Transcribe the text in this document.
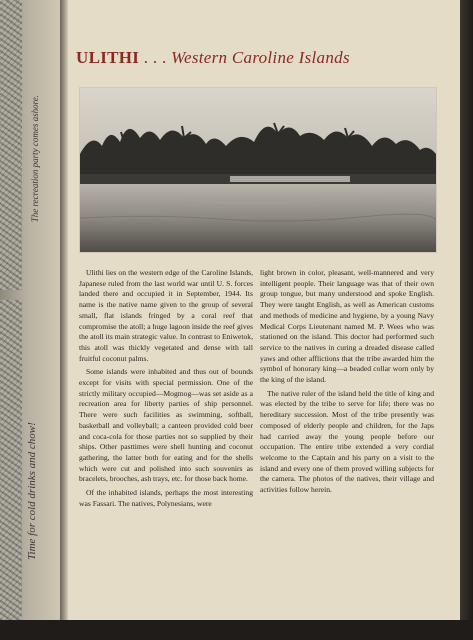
The recreation party comes ashore.
Time for cold drinks and chow!
ULITHI . . . Western Caroline Islands

Ulithi lies on the western edge of the Caroline Islands, Japanese ruled from the last world war until U. S. forces landed there and occupied it in September, 1944. Its name is the native name given to the group of several small, flat islands fringed by a coral reef that compromise the atoll; a huge lagoon inside the reef gives the atoll its main strategic value. In contrast to Eniwetok, this atoll was thickly vegetated and dense with tall fruitful coconut palms.

Some islands were inhabited and thus out of bounds except for visits with special permission. One of the strictly military occupied—Mogmog—was set aside as a recreation area for liberty parties of ship personnel. There were such facilities as swimming, softball, basketball and volleyball; a canteen provided cold beer and coca-cola for those parties not so supplied by their ships. Other pasttimes were shell hunting and coconut gathering, the latter both for eating and for the shells which were cut and polished into such souvenirs as bracelets, brooches, ash trays, etc. for those back home.

Of the inhabited islands, perhaps the most interesting was Fassari. The natives, Polynesians, were

light brown in color, pleasant, well-mannered and very intelligent people. Their language was that of their own group tongue, but many understood and spoke English. They were taught English, as well as American customs and methods of medicine and hygiene, by a young Navy Medical Corps Lieutenant named M. P. Wees who was stationed on the island. This doctor had performed such service to the natives in curing a dreaded disease called yaws and other afflictions that the tribe awarded him the symbol of honorary king—a beaded collar worn only by the king of the island.

The native ruler of the island held the title of king and was elected by the tribe to serve for life; there was no hereditary succession. Most of the tribe presently was composed of elderly people and children, for the Japs had carried away the young people before our occupation. The entire tribe extended a very cordial welcome to the Captain and his party on a visit to the island and every one of them proved willing subjects for the camera. The photos of the natives, their village and activities follow herein.
